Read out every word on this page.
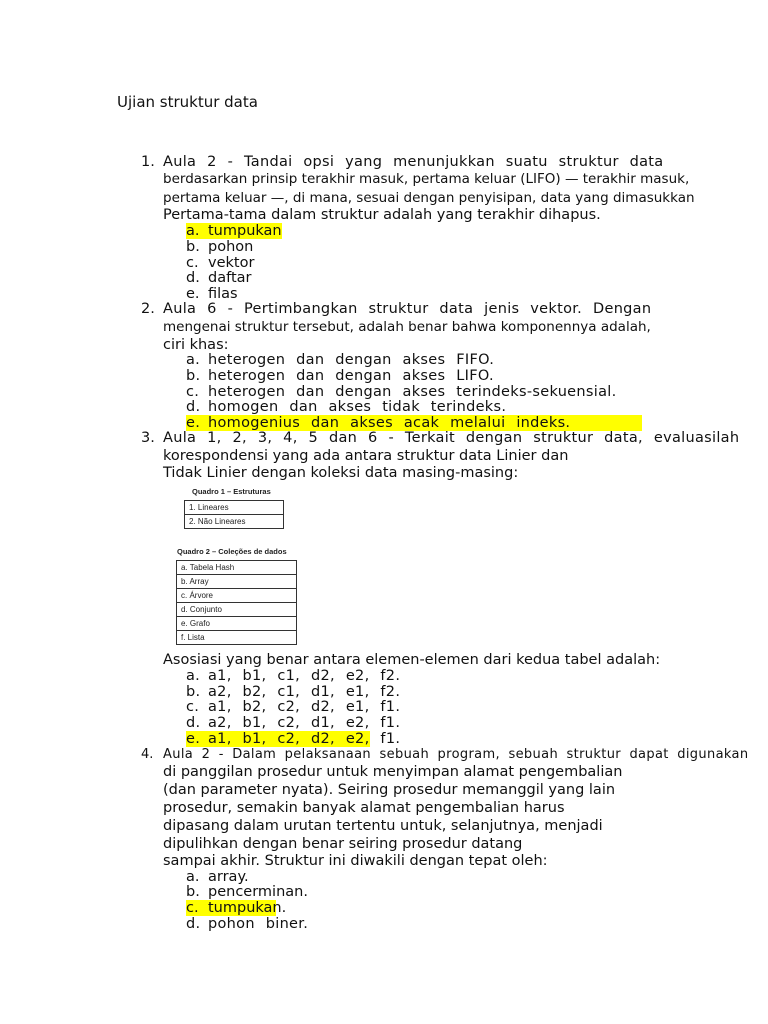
Ujian struktur data
1. Aula 2 - Tandai opsi yang menunjukkan suatu struktur data
berdasarkan prinsip terakhir masuk, pertama keluar (LIFO) — terakhir masuk,
pertama keluar —, di mana, sesuai dengan penyisipan, data yang dimasukkan
Pertama-tama dalam struktur adalah yang terakhir dihapus.
a. tumpukan
b. pohon
c. vektor
d. daftar
e. filas
2. Aula 6 - Pertimbangkan struktur data jenis vektor. Dengan
mengenai struktur tersebut, adalah benar bahwa komponennya adalah,
ciri khas:
a. heterogen dan dengan akses FIFO.
b. heterogen dan dengan akses LIFO.
c. heterogen dan dengan akses terindeks-sekuensial.
d. homogen dan akses tidak terindeks.
e. homogenius dan akses acak melalui indeks.
3. Aula 1, 2, 3, 4, 5 dan 6 - Terkait dengan struktur data, evaluasilah
korespondensi yang ada antara struktur data Linier dan
Tidak Linier dengan koleksi data masing-masing:
Quadro 1 – Estruturas
1. Lineares
2. Não Lineares
Quadro 2 – Coleções de dados
a. Tabela Hash
b. Array
c. Árvore
d. Conjunto
e. Grafo
f. Lista
Asosiasi yang benar antara elemen-elemen dari kedua tabel adalah:
a. a1, b1, c1, d2, e2, f2.
b. a2, b2, c1, d1, e1, f2.
c. a1, b2, c2, d2, e1, f1.
d. a2, b1, c2, d1, e2, f1.
e. a1, b1, c2, d2, e2, f1.
4. Aula 2 - Dalam pelaksanaan sebuah program, sebuah struktur dapat digunakan
di panggilan prosedur untuk menyimpan alamat pengembalian
(dan parameter nyata). Seiring prosedur memanggil yang lain
prosedur, semakin banyak alamat pengembalian harus
dipasang dalam urutan tertentu untuk, selanjutnya, menjadi
dipulihkan dengan benar seiring prosedur datang
sampai akhir. Struktur ini diwakili dengan tepat oleh:
a. array.
b. pencerminan.
c. tumpukan.
d. pohon biner.
